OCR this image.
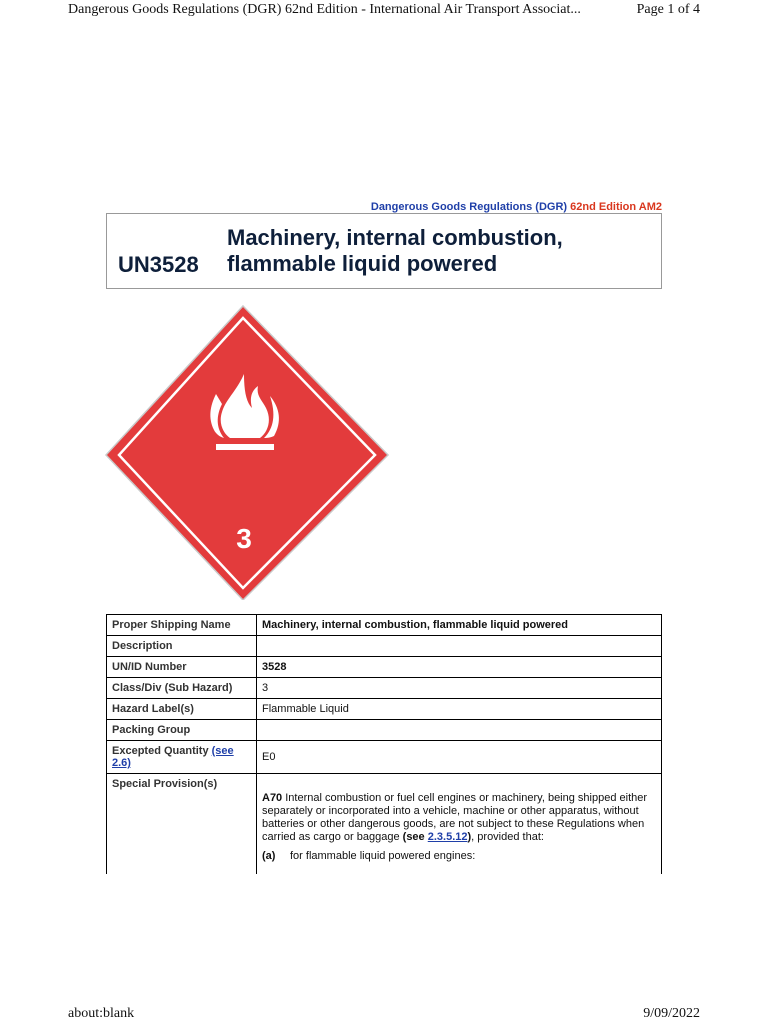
Dangerous Goods Regulations (DGR) 62nd Edition - International Air Transport Associat...	Page 1 of 4
Dangerous Goods Regulations (DGR) 62nd Edition AM2
UN3528
Machinery, internal combustion,
flammable liquid powered
3
Proper Shipping Name	Machinery, internal combustion, flammable liquid powered
Description	
UN/ID Number	3528
Class/Div (Sub Hazard)	3
Hazard Label(s)	Flammable Liquid
Packing Group	
Excepted Quantity (see
2.6)	E0
Special Provision(s)	A70 Internal combustion or fuel cell engines or machinery, being shipped either separately or incorporated into a vehicle, machine or other apparatus, without batteries or other dangerous goods, are not subject to these Regulations when carried as cargo or baggage (see 2.3.5.12), provided that:
(a) for flammable liquid powered engines:
about:blank	9/09/2022
